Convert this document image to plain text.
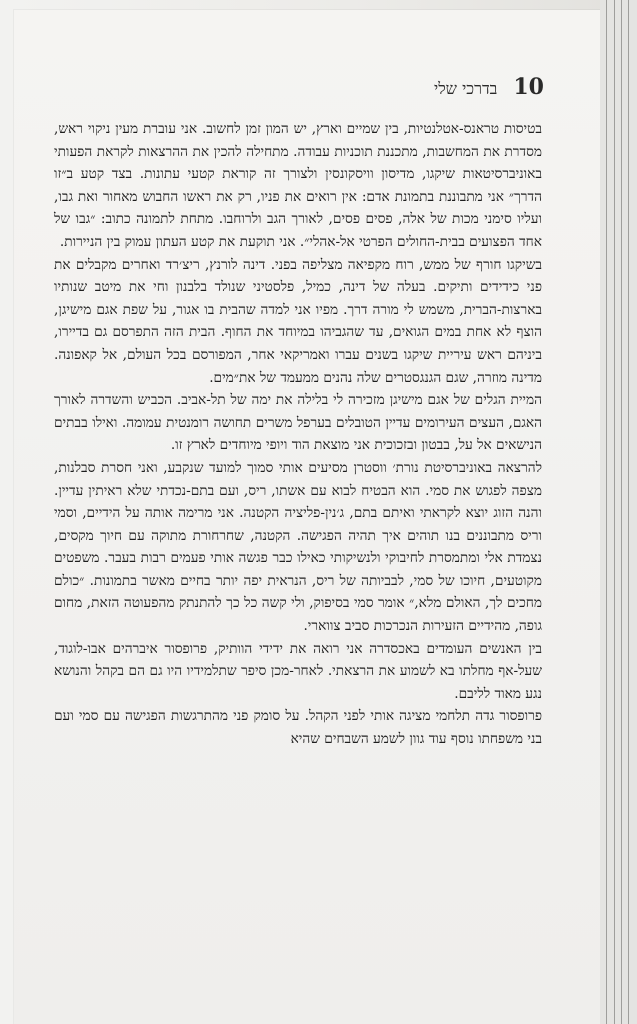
10
בדרכי שלי

בטיסות טראנס-אטלנטיות, בין שמיים וארץ, יש המון זמן לחשוב. אני עוברת מעין ניקוי ראש, מסדרת את המחשבות, מתכננת תוכניות עבודה. מתחילה להכין את ההרצאות לקראת הפעותי באוניברסיטאות שיקגו, מדיסון וויסקונסין ולצורך זה קוראת קטעי עתונות. בצד קטע ב״זו הדרך״ אני מתבוננת בתמונת אדם: אין רואים את פניו, רק את ראשו החבוש מאחור ואת גבו, ועליו סימני מכות של אלה, פסים פסים, לאורך הגב ולרוחבו. מתחת לתמונה כתוב: ״גבו של אחד הפצועים בבית-החולים הפרטי אל-אהלי״. אני תוקעת את קטע העתון עמוק בין הניירות.

בשיקגו חורף של ממש, רוח מקפיאה מצליפה בפני. דינה לורנץ, ריצ׳רד ואחרים מקבלים את פני כידידים ותיקים. בעלה של דינה, כמיל, פלסטיני שנולד בלבנון וחי את מיטב שנותיו בארצות-הברית, משמש לי מורה דרך. מפיו אני למדה שהבית בו אגור, על שפת אגם מישיגן, הוצף לא אחת במים הגואים, עד שהגביהו במיוחד את החוף. הבית הזה התפרסם גם בדיירו, ביניהם ראש עיריית שיקגו בשנים עברו ואמריקאי אחר, המפורסם בכל העולם, אל קאפונה. מדינה מוזרה, שגם הגנגסטרים שלה נהנים ממעמד של את״מים.

המיית הגלים של אגם מישיגן מזכירה לי בלילה את ימה של תל-אביב. הכביש והשדרה לאורך האגם, העצים העירומים עדיין הטובלים בערפל משרים תחושה רומנטית עמומה. ואילו בבתים הנישאים אל על, בבטון ובזכוכית אני מוצאת הוד ויופי מיוחדים לארץ זו.

להרצאה באוניברסיטת נורת׳ ווסטרן מסיעים אותי סמוך למועד שנקבע, ואני חסרת סבלנות, מצפה לפגוש את סמי. הוא הבטיח לבוא עם אשתו, ריס, ועם בתם-נכדתי שלא ראיתין עדיין. והנה הזוג יוצא לקראתי ואיתם בתם, ג׳נין-פליציה הקטנה. אני מרימה אותה על הידיים, וסמי וריס מתבוננים בנו תוהים איך תהיה הפגישה. הקטנה, שחרחורת מתוקה עם חיוך מקסים, נצמדת אלי ומתמסרת לחיבוקי ולנשיקותי כאילו כבר פגשה אותי פעמים רבות בעבר. משפטים מקוטעים, חיוכו של סמי, לבביותה של ריס, הנראית יפה יותר בחיים מאשר בתמונות. ״כולם מחכים לך, האולם מלא,״ אומר סמי בסיפוק, ולי קשה כל כך להתנתק מהפעוטה הזאת, מחום גופה, מהידיים הזעירות הנכרכות סביב צווארי.

בין האנשים העומדים באכסדרה אני רואה את ידידי הוותיק, פרופסור איברהים אבו-לוגוד, שעל-אף מחלתו בא לשמוע את הרצאתי. לאחר-מכן סיפר שתלמידיו היו גם הם בקהל והנושא נגע מאוד לליבם.

פרופסור גדה תלחמי מציגה אותי לפני הקהל. על סומק פני מהתרגשות הפגישה עם סמי ועם בני משפחתו נוסף עוד גוון לשמע השבחים שהיא
